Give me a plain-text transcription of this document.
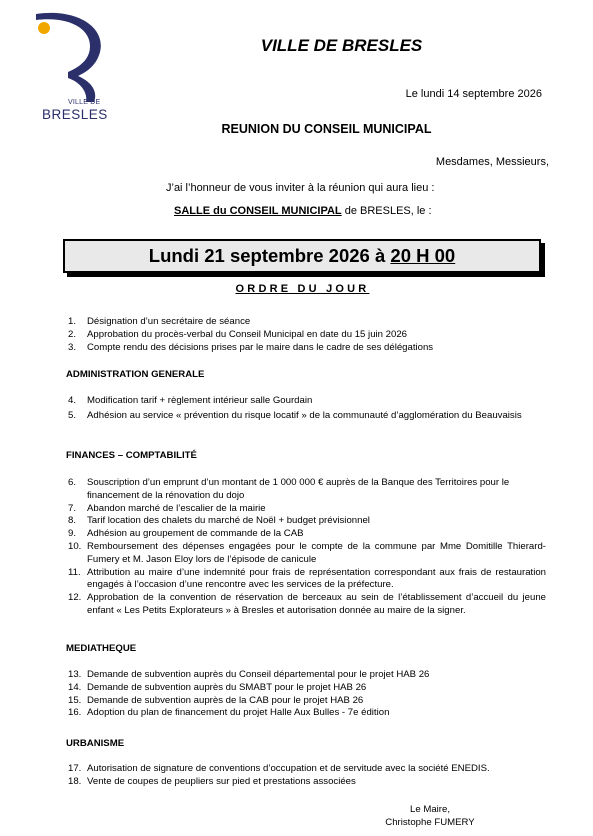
VILLE DE
BRESLES
VILLE DE BRESLES
Le lundi 14 septembre 2026
REUNION DU CONSEIL MUNICIPAL
Mesdames, Messieurs,
J’ai l’honneur de vous inviter à la réunion qui aura lieu :
SALLE du CONSEIL MUNICIPAL de BRESLES, le :
Lundi 21 septembre 2026 à 20 H 00
ORDRE DU JOUR
1. Désignation d’un secrétaire de séance
2. Approbation du procès-verbal du Conseil Municipal en date du 15 juin 2026
3. Compte rendu des décisions prises par le maire dans le cadre de ses délégations
ADMINISTRATION GENERALE
4. Modification tarif + règlement intérieur salle Gourdain
5. Adhésion au service « prévention du risque locatif » de la communauté d’agglomération du Beauvaisis
FINANCES – COMPTABILITÉ
6. Souscription d’un emprunt d’un montant de 1 000 000 € auprès de la Banque des Territoires pour le financement de la rénovation du dojo
7. Abandon marché de l’escalier de la mairie
8. Tarif location des chalets du marché de Noël + budget prévisionnel
9. Adhésion au groupement de commande de la CAB
10. Remboursement des dépenses engagées pour le compte de la commune par Mme Domitille Thierard-Fumery et M. Jason Eloy lors de l’épisode de canicule
11. Attribution au maire d’une indemnité pour frais de représentation correspondant aux frais de restauration engagés à l’occasion d’une rencontre avec les services de la préfecture.
12. Approbation de la convention de réservation de berceaux au sein de l’établissement d’accueil du jeune enfant « Les Petits Explorateurs » à Bresles et autorisation donnée au maire de la signer.
MEDIATHEQUE
13. Demande de subvention auprès du Conseil départemental pour le projet HAB 26
14. Demande de subvention auprès du SMABT pour le projet HAB 26
15. Demande de subvention auprès de la CAB pour le projet HAB 26
16. Adoption du plan de financement du projet Halle Aux Bulles - 7e édition
URBANISME
17. Autorisation de signature de conventions d’occupation et de servitude avec la société ENEDIS.
18. Vente de coupes de peupliers sur pied et prestations associées
Le Maire,
Christophe FUMERY
